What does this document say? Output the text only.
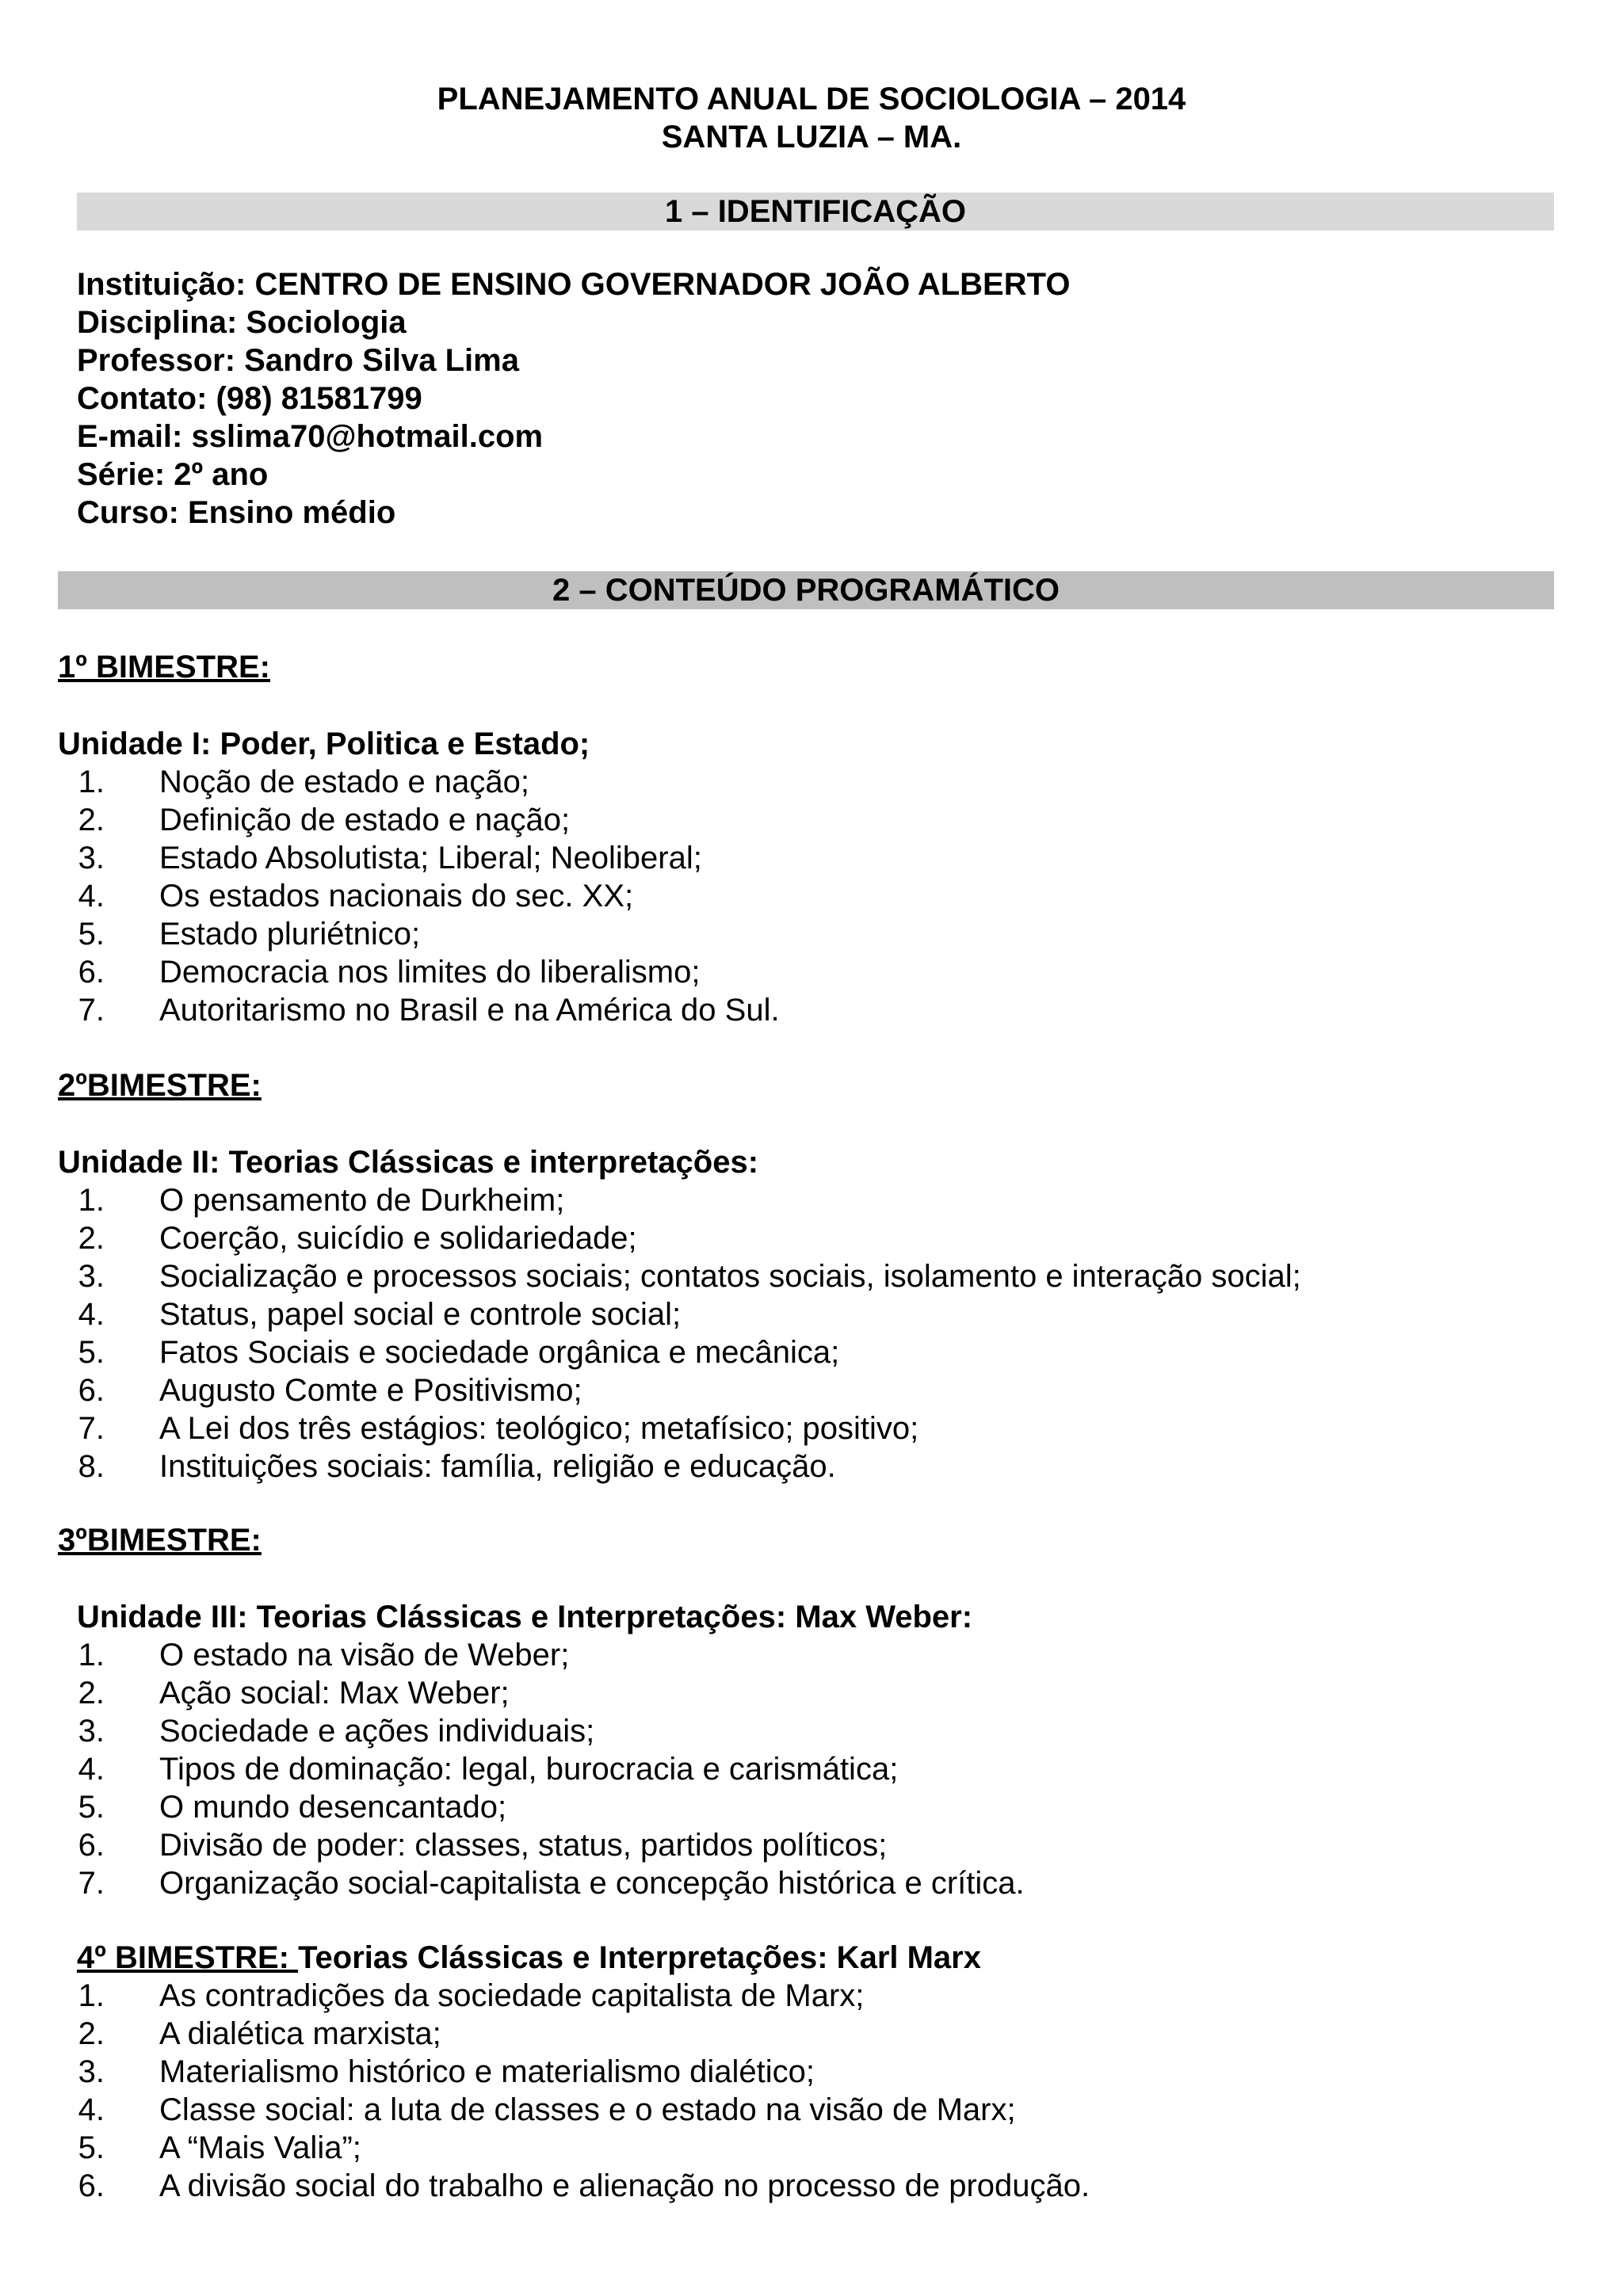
PLANEJAMENTO ANUAL DE SOCIOLOGIA – 2014
SANTA LUZIA – MA.
1 – IDENTIFICAÇÃO
Instituição: CENTRO DE ENSINO GOVERNADOR JOÃO ALBERTO
Disciplina: Sociologia
Professor: Sandro Silva Lima
Contato: (98) 81581799
E-mail: sslima70@hotmail.com
Série: 2º ano
Curso: Ensino médio
2 – CONTEÚDO PROGRAMÁTICO
1º BIMESTRE:
Unidade I: Poder, Politica e Estado;
1. Noção de estado e nação;
2. Definição de estado e nação;
3. Estado Absolutista; Liberal; Neoliberal;
4. Os estados nacionais do sec. XX;
5. Estado pluriétnico;
6. Democracia nos limites do liberalismo;
7. Autoritarismo no Brasil e na América do Sul.
2ºBIMESTRE:
Unidade II: Teorias Clássicas e interpretações:
1. O pensamento de Durkheim;
2. Coerção, suicídio e solidariedade;
3. Socialização e processos sociais; contatos sociais, isolamento e interação social;
4. Status, papel social e controle social;
5. Fatos Sociais e sociedade orgânica e mecânica;
6. Augusto Comte e Positivismo;
7. A Lei dos três estágios: teológico; metafísico; positivo;
8. Instituições sociais: família, religião e educação.
3ºBIMESTRE:
Unidade III: Teorias Clássicas e Interpretações: Max Weber:
1. O estado na visão de Weber;
2. Ação social: Max Weber;
3. Sociedade e ações individuais;
4. Tipos de dominação: legal, burocracia e carismática;
5. O mundo desencantado;
6. Divisão de poder: classes, status, partidos políticos;
7. Organização social-capitalista e concepção histórica e crítica.
4º BIMESTRE: Teorias Clássicas e Interpretações: Karl Marx
1. As contradições da sociedade capitalista de Marx;
2. A dialética marxista;
3. Materialismo histórico e materialismo dialético;
4. Classe social: a luta de classes e o estado na visão de Marx;
5. A “Mais Valia”;
6. A divisão social do trabalho e alienação no processo de produção.
